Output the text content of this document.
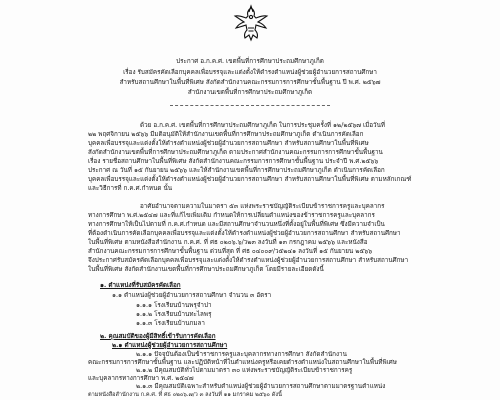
ประกาศ อ.ก.ค.ศ. เขตพื้นที่การศึกษาประถมศึกษาภูเก็ต
เรื่อง รับสมัครคัดเลือกบุคคลเพื่อบรรจุและแต่งตั้งให้ดำรงตำแหน่งผู้ช่วยผู้อำนวยการสถานศึกษา
สำหรับสถานศึกษาในพื้นที่พิเศษ สังกัดสำนักงานคณะกรรมการการศึกษาขั้นพื้นฐาน ปี พ.ศ. ๒๕๖๗
สำนักงานเขตพื้นที่การศึกษาประถมศึกษาภูเก็ต
ด้วย อ.ก.ค.ศ. เขตพื้นที่การศึกษาประถมศึกษาภูเก็ต ในการประชุมครั้งที่ ๑๒/๒๕๖๗ เมื่อวันที่
๒๒ พฤศจิกายน ๒๕๖๖ มีมติอนุมัติให้สำนักงานเขตพื้นที่การศึกษาประถมศึกษาภูเก็ต ดำเนินการคัดเลือก
บุคคลเพื่อบรรจุและแต่งตั้งให้ดำรงตำแหน่งผู้ช่วยผู้อำนวยการสถานศึกษา สำหรับสถานศึกษาในพื้นที่พิเศษ
สังกัดสำนักงานเขตพื้นที่การศึกษาประถมศึกษาภูเก็ต ตามประกาศสำนักงานคณะกรรมการการศึกษาขั้นพื้นฐาน
เรื่อง รายชื่อสถานศึกษาในพื้นที่พิเศษ สังกัดสำนักงานคณะกรรมการการศึกษาขั้นพื้นฐาน ประจำปี พ.ศ.๒๕๖๖
ประกาศ ณ วันที่ ๑๕ กันยายน ๒๕๖๖ และให้สำนักงานเขตพื้นที่การศึกษาประถมศึกษาภูเก็ต ดำเนินการคัดเลือก
บุคคลเพื่อบรรจุและแต่งตั้งให้ดำรงตำแหน่งผู้ช่วยผู้อำนวยการสถานศึกษา สำหรับสถานศึกษาในพื้นที่พิเศษ ตามหลักเกณฑ์
และวิธีการที่ ก.ค.ศ.กำหนด นั้น
อาศัยอำนาจตามความในมาตรา ๕๓ แห่งพระราชบัญญัติระเบียบข้าราชการครูและบุคลากร
ทางการศึกษา พ.ศ.๒๕๔๗ และที่แก้ไขเพิ่มเติม กำหนดให้การเปลี่ยนตำแหน่งของข้าราชการครูและบุคลากร
ทางการศึกษาให้เป็นไปตามที่ ก.ค.ศ.กำหนด และมีสถานศึกษาจำนวนหนึ่งที่ตั้งอยู่ในพื้นที่พิเศษ ซึ่งมีความจำเป็น
ที่ต้องดำเนินการคัดเลือกบุคคลเพื่อบรรจุและแต่งตั้งให้ดำรงตำแหน่งผู้ช่วยผู้อำนวยการสถานศึกษา สำหรับสถานศึกษา
ในพื้นที่พิเศษ ตามหนังสือสำนักงาน ก.ค.ศ. ที่ ศธ ๐๒๐๖.๖/ว๒๓ ลงวันที่ ๑๓ กรกฎาคม ๒๕๖๖ และหนังสือ
สำนักงานคณะกรรมการการศึกษาขั้นพื้นฐาน ด่วนที่สุด ที่ ศธ ๐๔๐๐๙/ว๕๒๔๑ ลงวันที่ ๑๕ กันยายน ๒๕๖๖
จึงประกาศรับสมัครคัดเลือกบุคคลเพื่อบรรจุและแต่งตั้งให้ดำรงตำแหน่งผู้ช่วยผู้อำนวยการสถานศึกษา สำหรับสถานศึกษา
ในพื้นที่พิเศษ สังกัดสำนักงานเขตพื้นที่การศึกษาประถมศึกษาภูเก็ต โดยมีรายละเอียดดังนี้
๑. ตำแหน่งที่รับสมัครคัดเลือก
๑.๑ ตำแหน่งผู้ช่วยผู้อำนวยการสถานศึกษา จำนวน ๓ อัตรา
๑.๑.๑ โรงเรียนบ้านพรุจำปา
๑.๑.๒ โรงเรียนบ้านทะไลพรุ
๑.๑.๓ โรงเรียนบ้านกมลา
๒. คุณสมบัติของผู้มีสิทธิ์เข้ารับการคัดเลือก
๒.๑ ตำแหน่งผู้ช่วยผู้อำนวยการสถานศึกษา
๒.๑.๑ ปัจจุบันต้องเป็นข้าราชการครูและบุคลากรทางการศึกษา สังกัดสำนักงาน
คณะกรรมการการศึกษาขั้นพื้นฐาน และปฏิบัติหน้าที่ในตำแหน่งครูหรือเคยดำรงตำแหน่งในสถานศึกษาในพื้นที่พิเศษ
๒.๑.๒ มีคุณสมบัติทั่วไปตามมาตรา ๓๐ แห่งพระราชบัญญัติระเบียบข้าราชการครู
และบุคลากรทางการศึกษา พ.ศ. ๒๕๔๗
๒.๑.๓ มีคุณสมบัติเฉพาะสำหรับตำแหน่งผู้ช่วยผู้อำนวยการสถานศึกษาตามมาตรฐานตำแหน่ง
ตามหนังสือสำนักงาน ก.ค.ศ. ที่ ศธ ๐๒๐๖.๗/ว ๓ ลงวันที่ ๑๑ มกราคม ๒๕๖๐ ดังนี้
